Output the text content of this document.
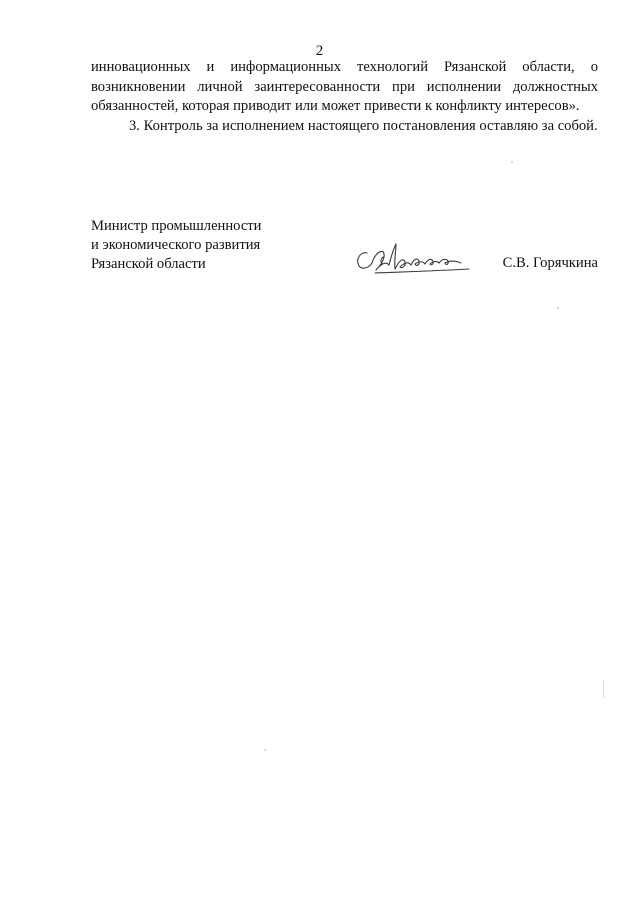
2

инновационных и информационных технологий Рязанской области, о возникновении личной заинтересованности при исполнении должностных обязанностей, которая приводит или может привести к конфликту интересов».

3. Контроль за исполнением настоящего постановления оставляю за собой.

Министр промышленности
и экономического развития
Рязанской области	С.В. Горячкина
